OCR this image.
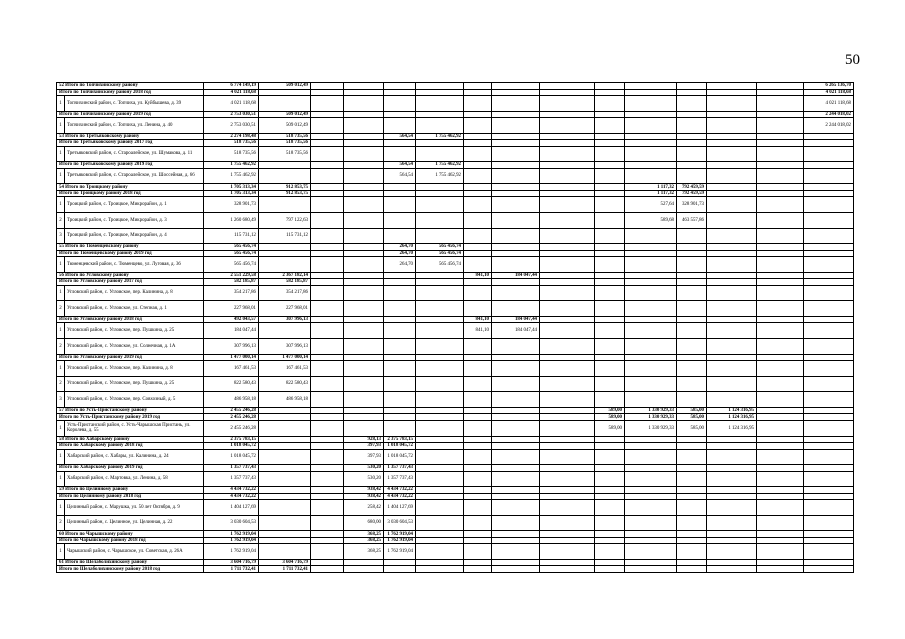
50
52 Итого по Топчихинскому району		6 774 149,19	509 012,49													6 265 136,70
Итого по Топчихинскому району 2018 год		4 021 118,68														4 021 118,68
1	Топчихинский район, с. Топчиха, ул. Куйбышева, д. 39	4 021 118,68														4 021 118,68
Итого по Топчихинскому району 2019 год		2 753 030,51	509 012,49													2 244 018,02
1	Топчихинский район, с. Топчиха, ул. Ленина, д. 40	2 753 030,51	509 012,49													2 244 018,02
53 Итого по Третьяковскому району		2 274 198,48	518 735,56			564,54	1 755 462,92									
Итого по Третьяковскому району 2017 год		518 735,56	518 735,56													
1	Третьяковский район, с. Староалейское, ул. Шумакова, д. 11	518 735,56	518 735,56													
Итого по Третьяковскому району 2019 год		1 755 462,92				564,54	1 755 462,92									
1	Третьяковский район, с. Староалейское, ул. Шоссейная, д. 66	1 755 462,92				564,54	1 755 462,92									
54 Итого по Троицкому району		1 705 313,34	912 853,75									1 117,32	792 459,59			
Итого по Троицкому району 2018 год		1 705 313,34	912 853,75									1 117,32	792 459,59			
1	Троицкий район, с. Троицкое, Микрорайон, д. 1	328 901,73										527,64	328 901,73			
2	Троицкий район, с. Троицкое, Микрорайон, д. 3	1 260 680,49	797 122,63									589,68	463 557,86			
3	Троицкий район, с. Троицкое, Микрорайон, д. 4	115 731,12	115 731,12													
55 Итого по Тюменцевскому району		565 456,74				264,70	565 456,74									
Итого по Тюменцевскому району 2019 год		565 456,74				264,70	565 456,74									
1	Тюменцевский район, с. Тюменцево, ул. Луговая, д. 36	565 456,74				264,70	565 456,74									
56 Итого по Угловскому району		2 551 229,58	2 367 182,14					841,10	184 047,44							
Итого по Угловскому району 2017 год		582 185,87	582 185,87													
1	Угловский район, с. Угловское, пер. Калинина, д. 8	354 217,86	354 217,86													
2	Угловский район, с. Угловское, ул. Степная, д. 1	227 968,01	227 968,01													
Итого по Угловскому району 2018 год		492 043,57	307 996,13					841,10	184 047,44							
1	Угловский район, с. Угловское, пер. Пушкина, д. 25	184 047,44						841,10	184 047,44							
2	Угловский район, с. Угловское, ул. Солнечная, д. 1А	307 996,13	307 996,13													
Итого по Угловскому району 2019 год		1 477 000,14	1 477 000,14													
1	Угловский район, с. Угловское, пер. Калинина, д. 8	167 461,53	167 461,53													
2	Угловский район, с. Угловское, пер. Пушкина, д. 25	822 580,43	822 580,43													
3	Угловский район, с. Угловское, пер. Совхозный, д. 5	486 958,18	486 958,18													
57 Итого по Усть-Пристанскому району		2 455 246,28									589,00	1 330 929,33	585,00	1 124 316,95		
Итого по Усть-Пристанскому району 2019 год		2 455 246,28									589,00	1 330 929,33	585,00	1 124 316,95		
1	Усть-Пристанский район, с. Усть-Чарышская Пристань, ул. Королева, д. 55	2 455 246,28									589,00	1 330 929,33	585,00	1 124 316,95		
58 Итого по Хабарскому району		2 375 783,15			928,13	2 375 783,15										
Итого по Хабарскому району 2018 год		1 018 045,72			397,93	1 018 045,72										
1	Хабарский район, с. Хабары, ул. Калинина, д. 24	1 018 045,72			397,93	1 018 045,72										
Итого по Хабарскому району 2019 год		1 357 737,43			530,20	1 357 737,43										
1	Хабарский район, с. Мартовка, ул. Ленина, д. 58	1 357 737,43			530,20	1 357 737,43										
59 Итого по Целинному району		4 434 732,22			938,42	4 434 732,22										
Итого по Целинному району 2018 год		4 434 732,22			938,42	4 434 732,22										
1	Целинный район, с. Марушка, ул. 50 лет Октября, д. 9	1 404 127,69			258,42	1 404 127,69										
2	Целинный район, с. Целинное, ул. Целинная, д. 22	3 030 604,53			680,00	3 030 604,53										
60 Итого по Чарышскому району		1 762 919,04			368,25	1 762 919,04										
Итого по Чарышскому району 2018 год		1 762 919,04			368,25	1 762 919,04										
1	Чарышский район, с. Чарышское, ул. Советская, д. 26А	1 762 919,04			368,25	1 762 919,04										
61 Итого по Шелаболихинскому району		3 604 716,79	3 604 716,79													
Итого по Шелаболихинскому району 2018 год		1 711 732,41	1 711 732,41													
